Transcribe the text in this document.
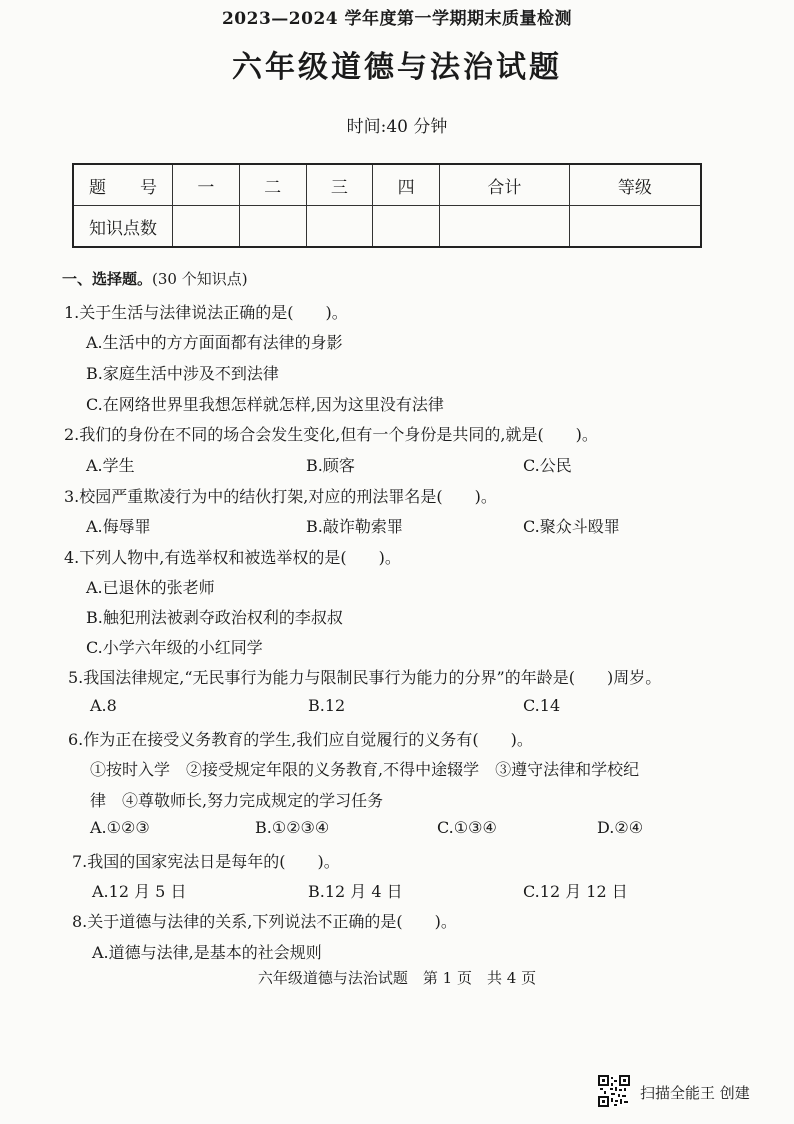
2023—2024 学年度第一学期期末质量检测
六年级道德与法治试题
时间:40 分钟
题　　号	一	二	三	四	合计	等级
知识点数						
一、选择题。(30 个知识点)
1.关于生活与法律说法正确的是(　　)。
A.生活中的方方面面都有法律的身影
B.家庭生活中涉及不到法律
C.在网络世界里我想怎样就怎样,因为这里没有法律
2.我们的身份在不同的场合会发生变化,但有一个身份是共同的,就是(　　)。
A.学生	B.顾客	C.公民
3.校园严重欺凌行为中的结伙打架,对应的刑法罪名是(　　)。
A.侮辱罪	B.敲诈勒索罪	C.聚众斗殴罪
4.下列人物中,有选举权和被选举权的是(　　)。
A.已退休的张老师
B.触犯刑法被剥夺政治权利的李叔叔
C.小学六年级的小红同学
5.我国法律规定,“无民事行为能力与限制民事行为能力的分界”的年龄是(　　)周岁。
A.8	B.12	C.14
6.作为正在接受义务教育的学生,我们应自觉履行的义务有(　　)。
①按时入学　②接受规定年限的义务教育,不得中途辍学　③遵守法律和学校纪
律　④尊敬师长,努力完成规定的学习任务
A.①②③	B.①②③④	C.①③④	D.②④
7.我国的国家宪法日是每年的(　　)。
A.12 月 5 日	B.12 月 4 日	C.12 月 12 日
8.关于道德与法律的关系,下列说法不正确的是(　　)。
A.道德与法律,是基本的社会规则
六年级道德与法治试题　第 1 页　共 4 页
扫描全能王 创建
